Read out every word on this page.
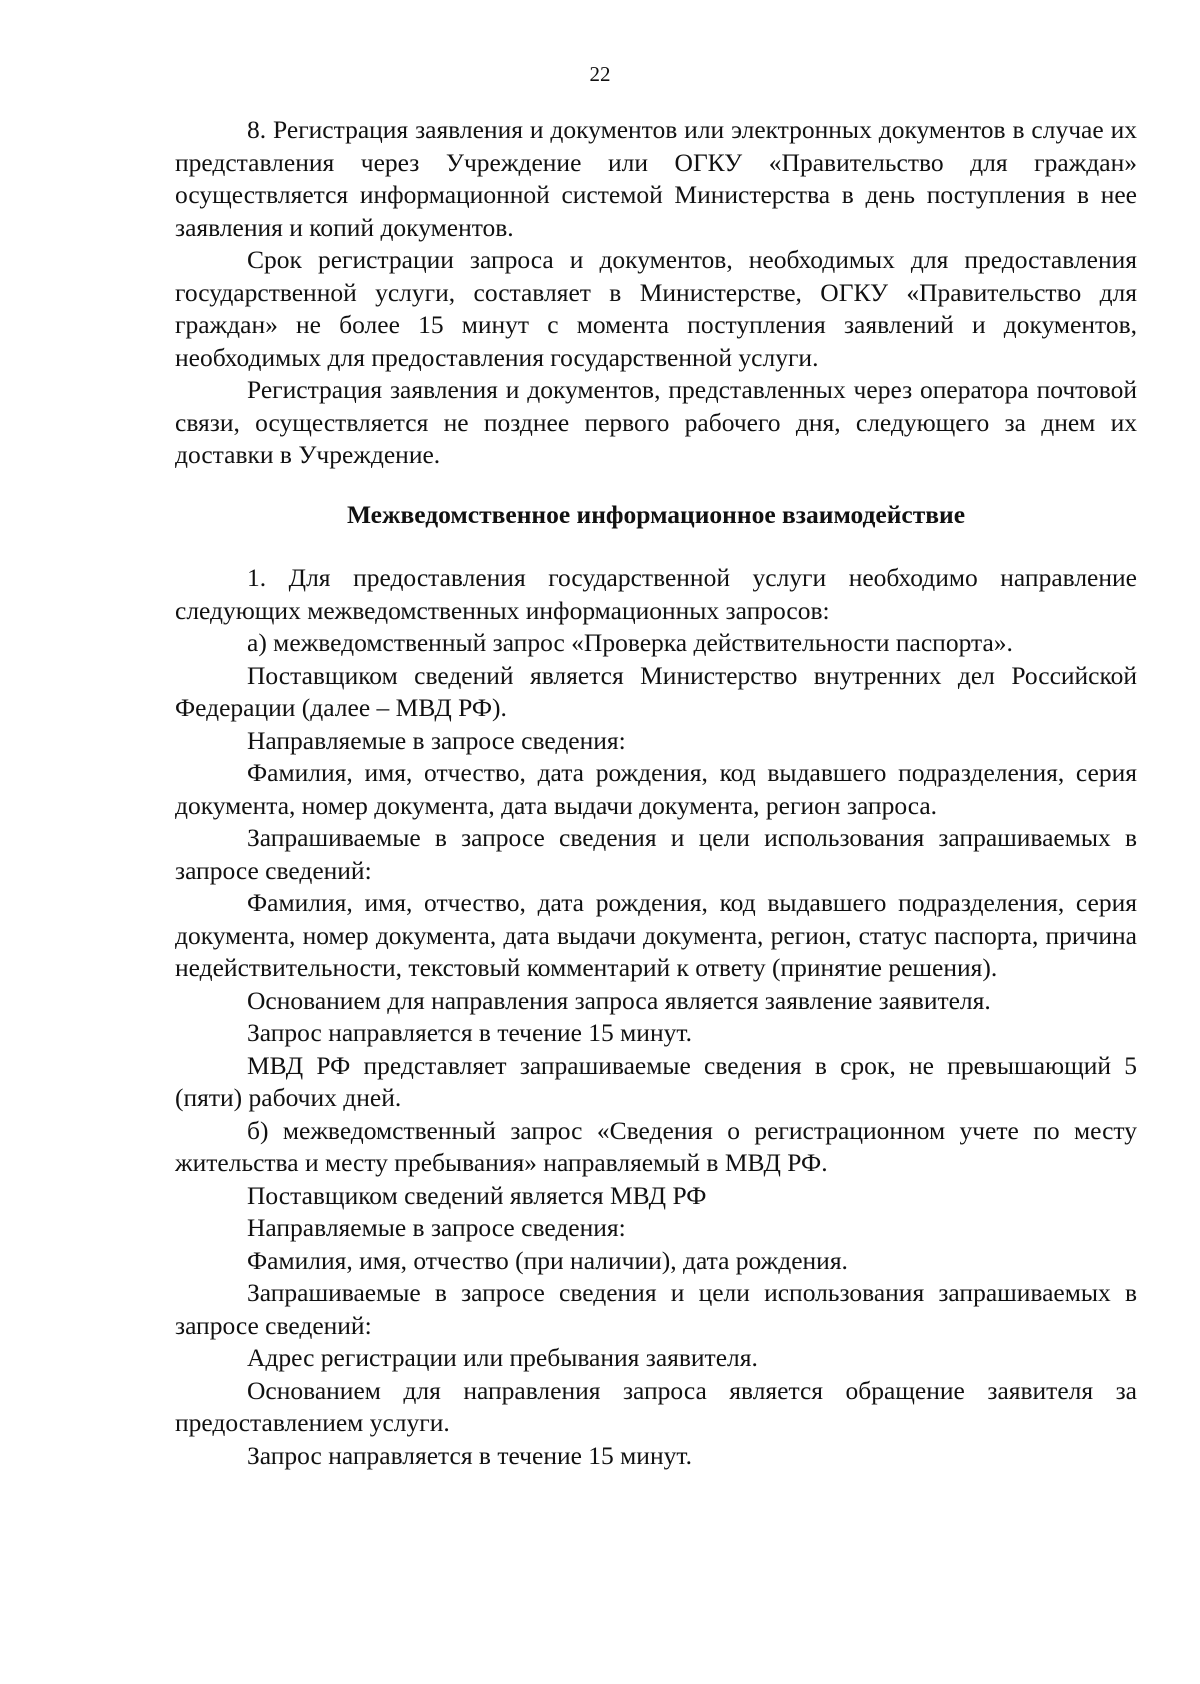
22

8. Регистрация заявления и документов или электронных документов в случае их представления через Учреждение или ОГКУ «Правительство для граждан» осуществляется информационной системой Министерства в день поступления в нее заявления и копий документов.

Срок регистрации запроса и документов, необходимых для предоставления государственной услуги, составляет в Министерстве, ОГКУ «Правительство для граждан» не более 15 минут с момента поступления заявлений и документов, необходимых для предоставления государственной услуги.

Регистрация заявления и документов, представленных через оператора почтовой связи, осуществляется не позднее первого рабочего дня, следующего за днем их доставки в Учреждение.

Межведомственное информационное взаимодействие

1. Для предоставления государственной услуги необходимо направление следующих межведомственных информационных запросов:

а) межведомственный запрос «Проверка действительности паспорта».

Поставщиком сведений является Министерство внутренних дел Российской Федерации (далее – МВД РФ).

Направляемые в запросе сведения:

Фамилия, имя, отчество, дата рождения, код выдавшего подразделения, серия документа, номер документа, дата выдачи документа, регион запроса.

Запрашиваемые в запросе сведения и цели использования запрашиваемых в запросе сведений:

Фамилия, имя, отчество, дата рождения, код выдавшего подразделения, серия документа, номер документа, дата выдачи документа, регион, статус паспорта, причина недействительности, текстовый комментарий к ответу (принятие решения).

Основанием для направления запроса является заявление заявителя.

Запрос направляется в течение 15 минут.

МВД РФ представляет запрашиваемые сведения в срок, не превышающий 5 (пяти) рабочих дней.

б) межведомственный запрос «Сведения о регистрационном учете по месту жительства и месту пребывания» направляемый в МВД РФ.

Поставщиком сведений является МВД РФ

Направляемые в запросе сведения:

Фамилия, имя, отчество (при наличии), дата рождения.

Запрашиваемые в запросе сведения и цели использования запрашиваемых в запросе сведений:

Адрес регистрации или пребывания заявителя.

Основанием для направления запроса является обращение заявителя за предоставлением услуги.

Запрос направляется в течение 15 минут.
